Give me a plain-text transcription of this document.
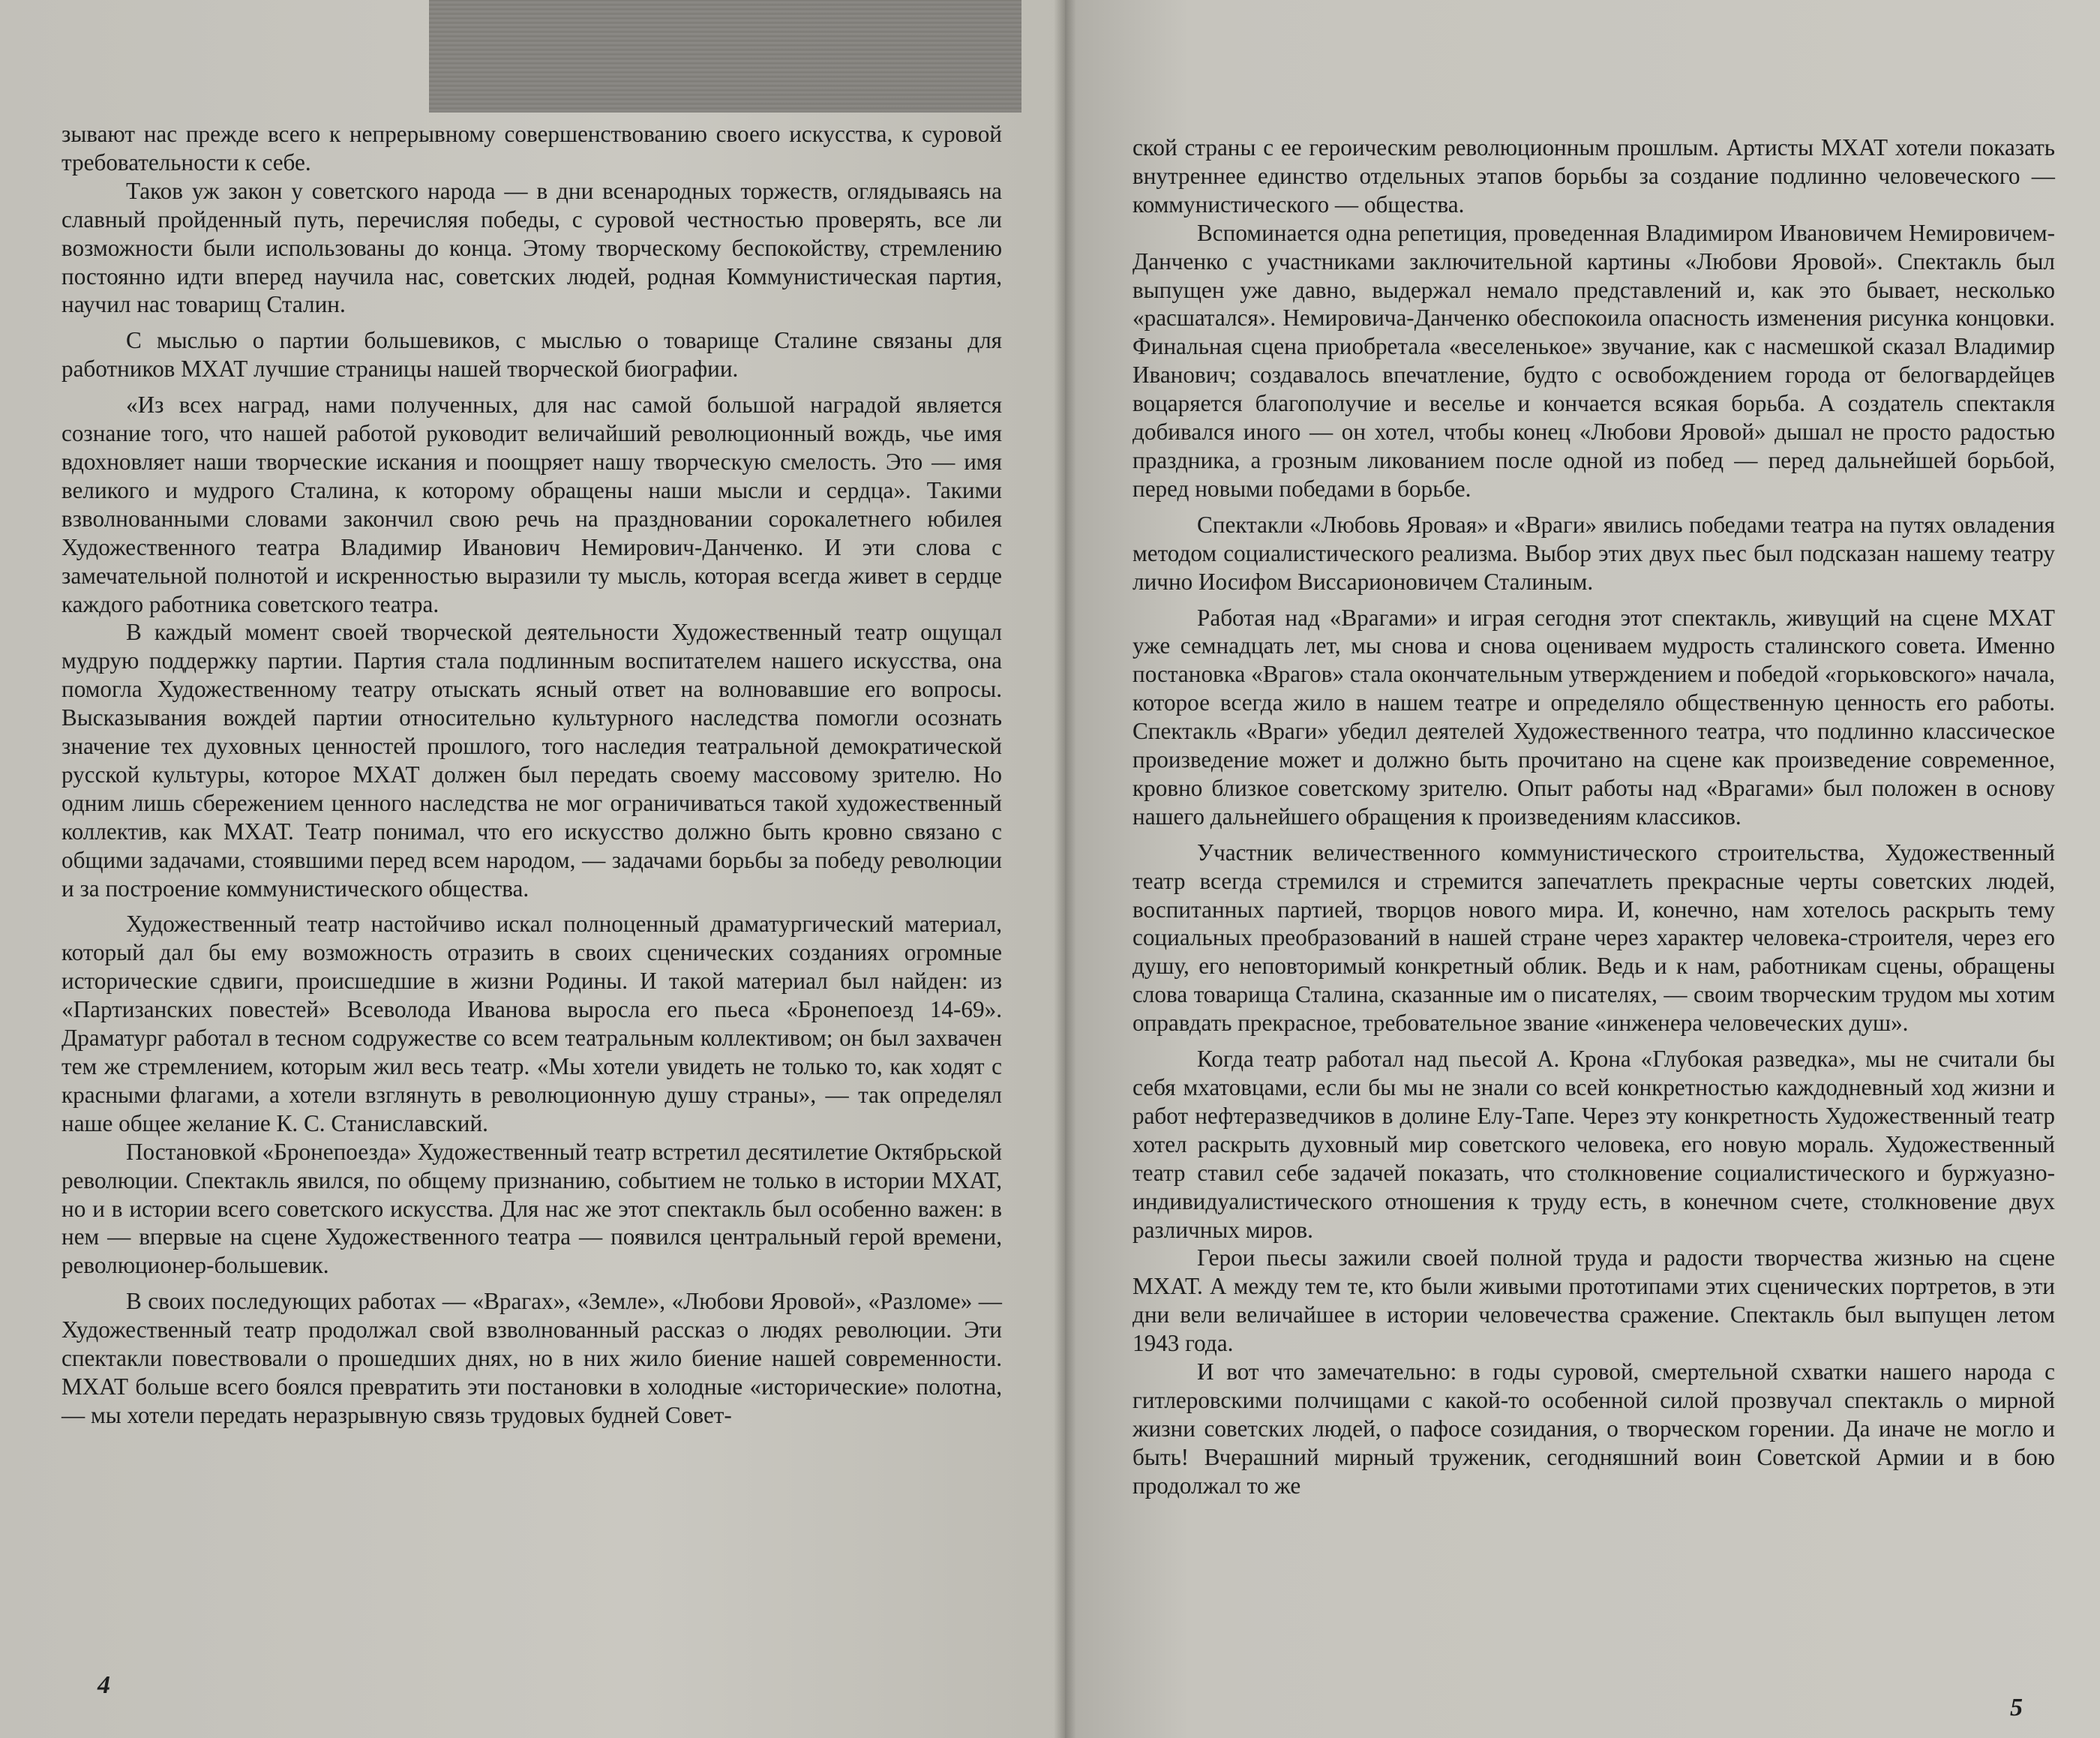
зывают нас прежде всего к непрерывному совершенствованию своего искусства, к суровой требовательности к себе.

Таков уж закон у советского народа — в дни всенародных торжеств, оглядываясь на славный пройденный путь, перечисляя победы, с суровой честностью проверять, все ли возможности были использованы до конца. Этому творческому беспокойству, стремлению постоянно идти вперед научила нас, советских людей, родная Коммунистическая партия, научил нас товарищ Сталин.

С мыслью о партии большевиков, с мыслью о товарище Сталине связаны для работников МХАТ лучшие страницы нашей творческой биографии.

«Из всех наград, нами полученных, для нас самой большой наградой является сознание того, что нашей работой руководит величайший революционный вождь, чье имя вдохновляет наши творческие искания и поощряет нашу творческую смелость. Это — имя великого и мудрого Сталина, к которому обращены наши мысли и сердца». Такими взволнованными словами закончил свою речь на праздновании сорокалетнего юбилея Художественного театра Владимир Иванович Немирович-Данченко. И эти слова с замечательной полнотой и искренностью выразили ту мысль, которая всегда живет в сердце каждого работника советского театра.

В каждый момент своей творческой деятельности Художественный театр ощущал мудрую поддержку партии. Партия стала подлинным воспитателем нашего искусства, она помогла Художественному театру отыскать ясный ответ на волновавшие его вопросы. Высказывания вождей партии относительно культурного наследства помогли осознать значение тех духовных ценностей прошлого, того наследия театральной демократической русской культуры, которое МХАТ должен был передать своему массовому зрителю. Но одним лишь сбережением ценного наследства не мог ограничиваться такой художественный коллектив, как МХАТ. Театр понимал, что его искусство должно быть кровно связано с общими задачами, стоявшими перед всем народом, — задачами борьбы за победу революции и за построение коммунистического общества.

Художественный театр настойчиво искал полноценный драматургический материал, который дал бы ему возможность отразить в своих сценических созданиях огромные исторические сдвиги, происшедшие в жизни Родины. И такой материал был найден: из «Партизанских повестей» Всеволода Иванова выросла его пьеса «Бронепоезд 14-69». Драматург работал в тесном содружестве со всем театральным коллективом; он был захвачен тем же стремлением, которым жил весь театр. «Мы хотели увидеть не только то, как ходят с красными флагами, а хотели взглянуть в революционную душу страны», — так определял наше общее желание К. С. Станиславский.

Постановкой «Бронепоезда» Художественный театр встретил десятилетие Октябрьской революции. Спектакль явился, по общему признанию, событием не только в истории МХАТ, но и в истории всего советского искусства. Для нас же этот спектакль был особенно важен: в нем — впервые на сцене Художественного театра — появился центральный герой времени, революционер-большевик.

В своих последующих работах — «Врагах», «Земле», «Любови Яровой», «Разломе» — Художественный театр продолжал свой взволнованный рассказ о людях революции. Эти спектакли повествовали о прошедших днях, но в них жило биение нашей современности. МХАТ больше всего боялся превратить эти постановки в холодные «исторические» полотна, — мы хотели передать неразрывную связь трудовых будней Совет-

ской страны с ее героическим революционным прошлым. Артисты МХАТ хотели показать внутреннее единство отдельных этапов борьбы за создание подлинно человеческого — коммунистического — общества.

Вспоминается одна репетиция, проведенная Владимиром Ивановичем Немировичем-Данченко с участниками заключительной картины «Любови Яровой». Спектакль был выпущен уже давно, выдержал немало представлений и, как это бывает, несколько «расшатался». Немировича-Данченко обеспокоила опасность изменения рисунка концовки. Финальная сцена приобретала «веселенькое» звучание, как с насмешкой сказал Владимир Иванович; создавалось впечатление, будто с освобождением города от белогвардейцев воцаряется благополучие и веселье и кончается всякая борьба. А создатель спектакля добивался иного — он хотел, чтобы конец «Любови Яровой» дышал не просто радостью праздника, а грозным ликованием после одной из побед — перед дальнейшей борьбой, перед новыми победами в борьбе.

Спектакли «Любовь Яровая» и «Враги» явились победами театра на путях овладения методом социалистического реализма. Выбор этих двух пьес был подсказан нашему театру лично Иосифом Виссарионовичем Сталиным.

Работая над «Врагами» и играя сегодня этот спектакль, живущий на сцене МХАТ уже семнадцать лет, мы снова и снова оцениваем мудрость сталинского совета. Именно постановка «Врагов» стала окончательным утверждением и победой «горьковского» начала, которое всегда жило в нашем театре и определяло общественную ценность его работы. Спектакль «Враги» убедил деятелей Художественного театра, что подлинно классическое произведение может и должно быть прочитано на сцене как произведение современное, кровно близкое советскому зрителю. Опыт работы над «Врагами» был положен в основу нашего дальнейшего обращения к произведениям классиков.

Участник величественного коммунистического строительства, Художественный театр всегда стремился и стремится запечатлеть прекрасные черты советских людей, воспитанных партией, творцов нового мира. И, конечно, нам хотелось раскрыть тему социальных преобразований в нашей стране через характер человека-строителя, через его душу, его неповторимый конкретный облик. Ведь и к нам, работникам сцены, обращены слова товарища Сталина, сказанные им о писателях, — своим творческим трудом мы хотим оправдать прекрасное, требовательное звание «инженера человеческих душ».

Когда театр работал над пьесой А. Крона «Глубокая разведка», мы не считали бы себя мхатовцами, если бы мы не знали со всей конкретностью каждодневный ход жизни и работ нефтеразведчиков в долине Елу-Тапе. Через эту конкретность Художественный театр хотел раскрыть духовный мир советского человека, его новую мораль. Художественный театр ставил себе задачей показать, что столкновение социалистического и буржуазно-индивидуалистического отношения к труду есть, в конечном счете, столкновение двух различных миров.

Герои пьесы зажили своей полной труда и радости творчества жизнью на сцене МХАТ. А между тем те, кто были живыми прототипами этих сценических портретов, в эти дни вели величайшее в истории человечества сражение. Спектакль был выпущен летом 1943 года.

И вот что замечательно: в годы суровой, смертельной схватки нашего народа с гитлеровскими полчищами с какой-то особенной силой прозвучал спектакль о мирной жизни советских людей, о пафосе созидания, о творческом горении. Да иначе не могло и быть! Вчерашний мирный труженик, сегодняшний воин Советской Армии и в бою продолжал то же

4
5
